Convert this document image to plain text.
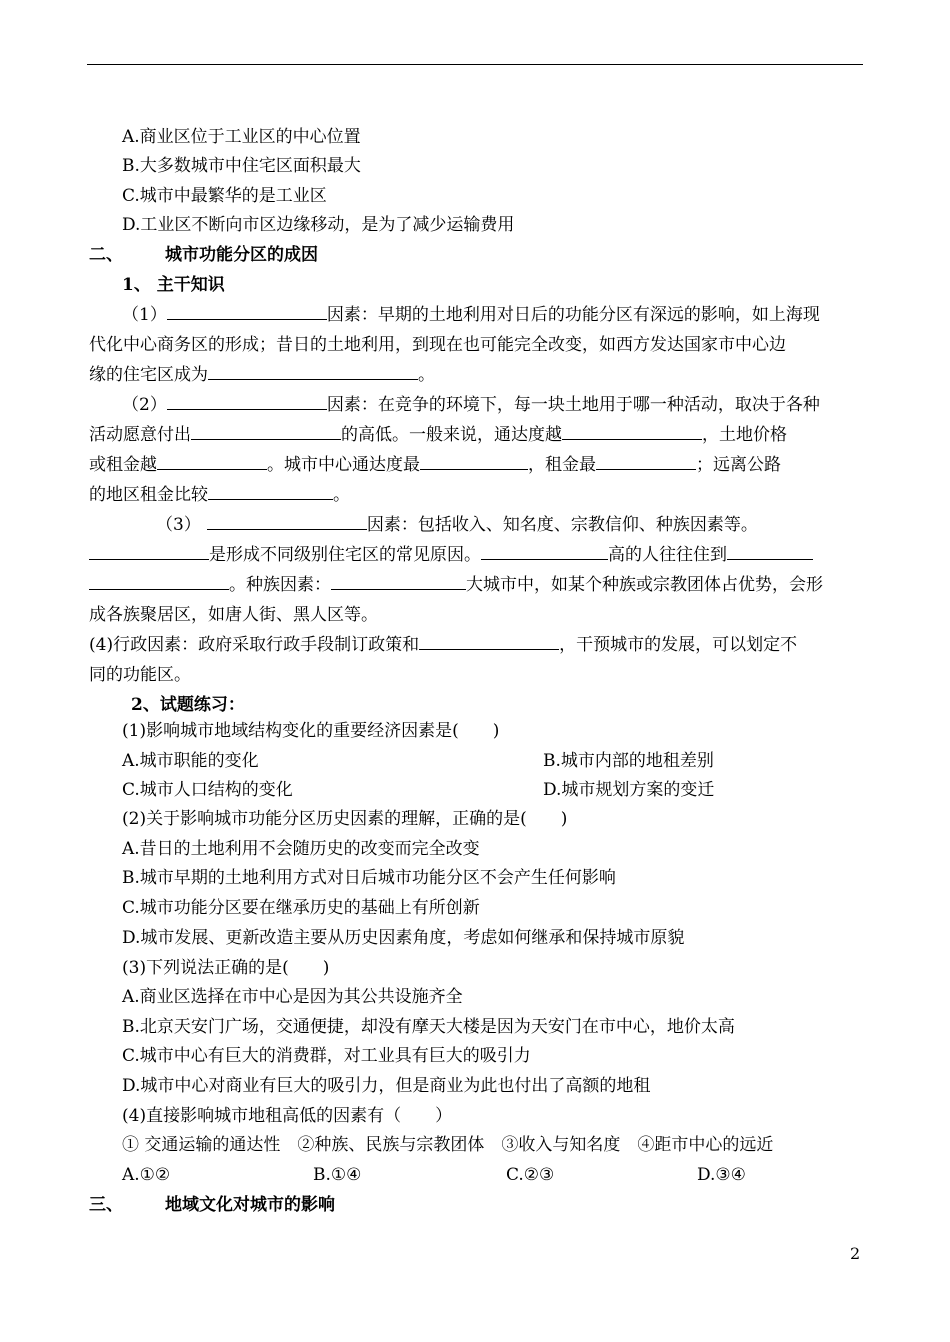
A.商业区位于工业区的中心位置
B.大多数城市中住宅区面积最大
C.城市中最繁华的是工业区
D.工业区不断向市区边缘移动，是为了减少运输费用
二、 城市功能分区的成因
1、 主干知识
（1）	因素：早期的土地利用对日后的功能分区有深远的影响，如上海现
代化中心商务区的形成；昔日的土地利用，到现在也可能完全改变，如西方发达国家市中心边
缘的住宅区成为	。
（2）	因素：在竞争的环境下，每一块土地用于哪一种活动，取决于各种
活动愿意付出	的高低。一般来说，通达度越	，土地价格
或租金越	。城市中心通达度最	，租金最	；远离公路
的地区租金比较	。
（3）	因素：包括收入、知名度、宗教信仰、种族因素等。
是形成不同级别住宅区的常见原因。	高的人往往住到
。种族因素：	大城市中，如某个种族或宗教团体占优势，会形
成各族聚居区，如唐人街、黑人区等。
(4)行政因素：政府采取行政手段制订政策和	，干预城市的发展，可以划定不
同的功能区。
2、试题练习：
(1)影响城市地域结构变化的重要经济因素是(　　)
A.城市职能的变化	B.城市内部的地租差别
C.城市人口结构的变化	D.城市规划方案的变迁
(2)关于影响城市功能分区历史因素的理解，正确的是(　　)
A.昔日的土地利用不会随历史的改变而完全改变
B.城市早期的土地利用方式对日后城市功能分区不会产生任何影响
C.城市功能分区要在继承历史的基础上有所创新
D.城市发展、更新改造主要从历史因素角度，考虑如何继承和保持城市原貌
(3)下列说法正确的是(　　)
A.商业区选择在市中心是因为其公共设施齐全
B.北京天安门广场，交通便捷，却没有摩天大楼是因为天安门在市中心，地价太高
C.城市中心有巨大的消费群，对工业具有巨大的吸引力
D.城市中心对商业有巨大的吸引力，但是商业为此也付出了高额的地租
(4)直接影响城市地租高低的因素有（　　）
① 交通运输的通达性　②种族、民族与宗教团体　③收入与知名度　④距市中心的远近
A.①②	B.①④	C.②③	D.③④
三、 地域文化对城市的影响
2
